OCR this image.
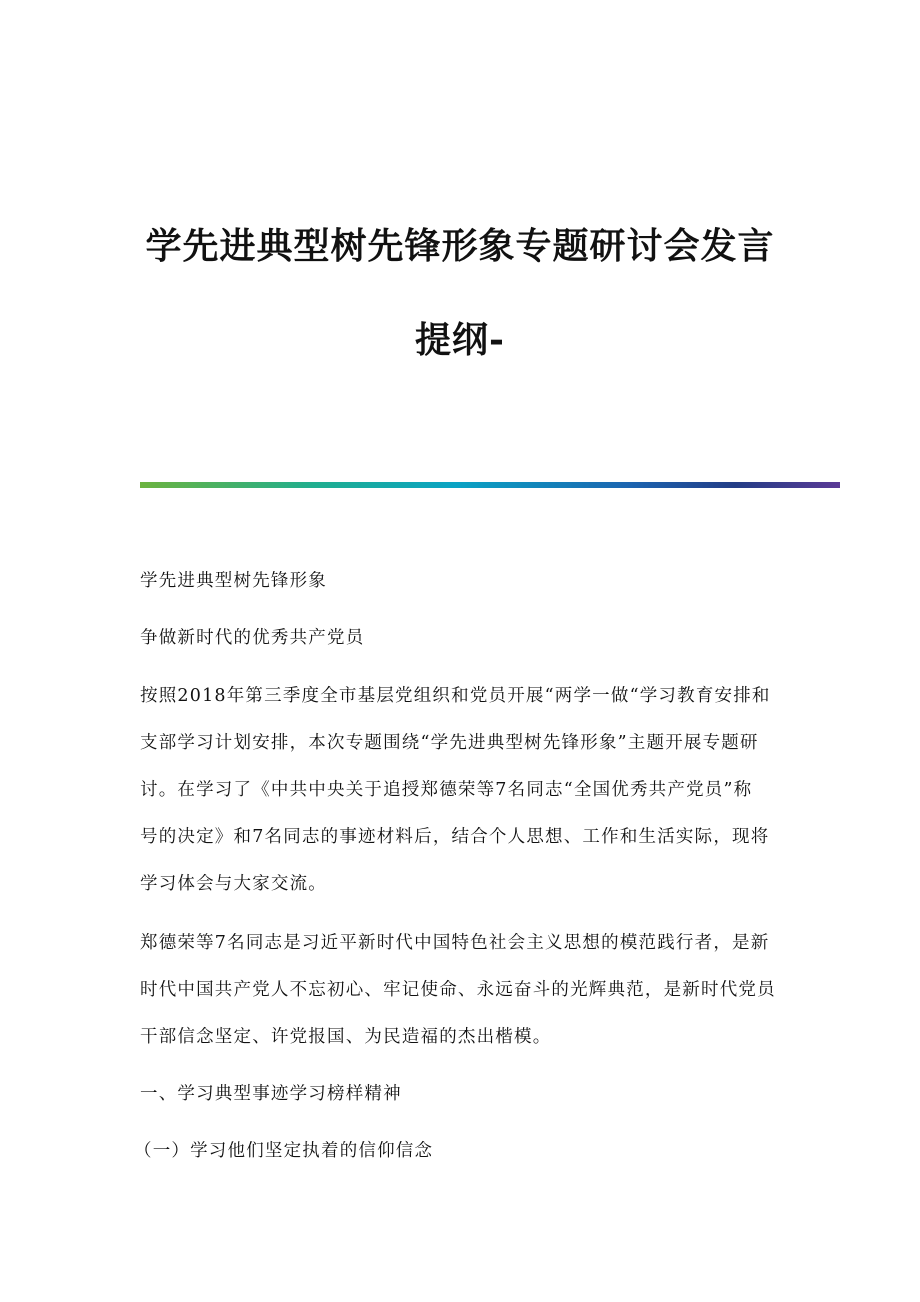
学先进典型树先锋形象专题研讨会发言
提纲-
学先进典型树先锋形象
争做新时代的优秀共产党员
按照2018年第三季度全市基层党组织和党员开展“两学一做“学习教育安排和
支部学习计划安排，本次专题围绕“学先进典型树先锋形象”主题开展专题研
讨。在学习了《中共中央关于追授郑德荣等7名同志“全国优秀共产党员”称
号的决定》和7名同志的事迹材料后，结合个人思想、工作和生活实际，现将
学习体会与大家交流。
郑德荣等7名同志是习近平新时代中国特色社会主义思想的模范践行者，是新
时代中国共产党人不忘初心、牢记使命、永远奋斗的光辉典范，是新时代党员
干部信念坚定、许党报国、为民造福的杰出楷模。
一、学习典型事迹学习榜样精神
（一）学习他们坚定执着的信仰信念
